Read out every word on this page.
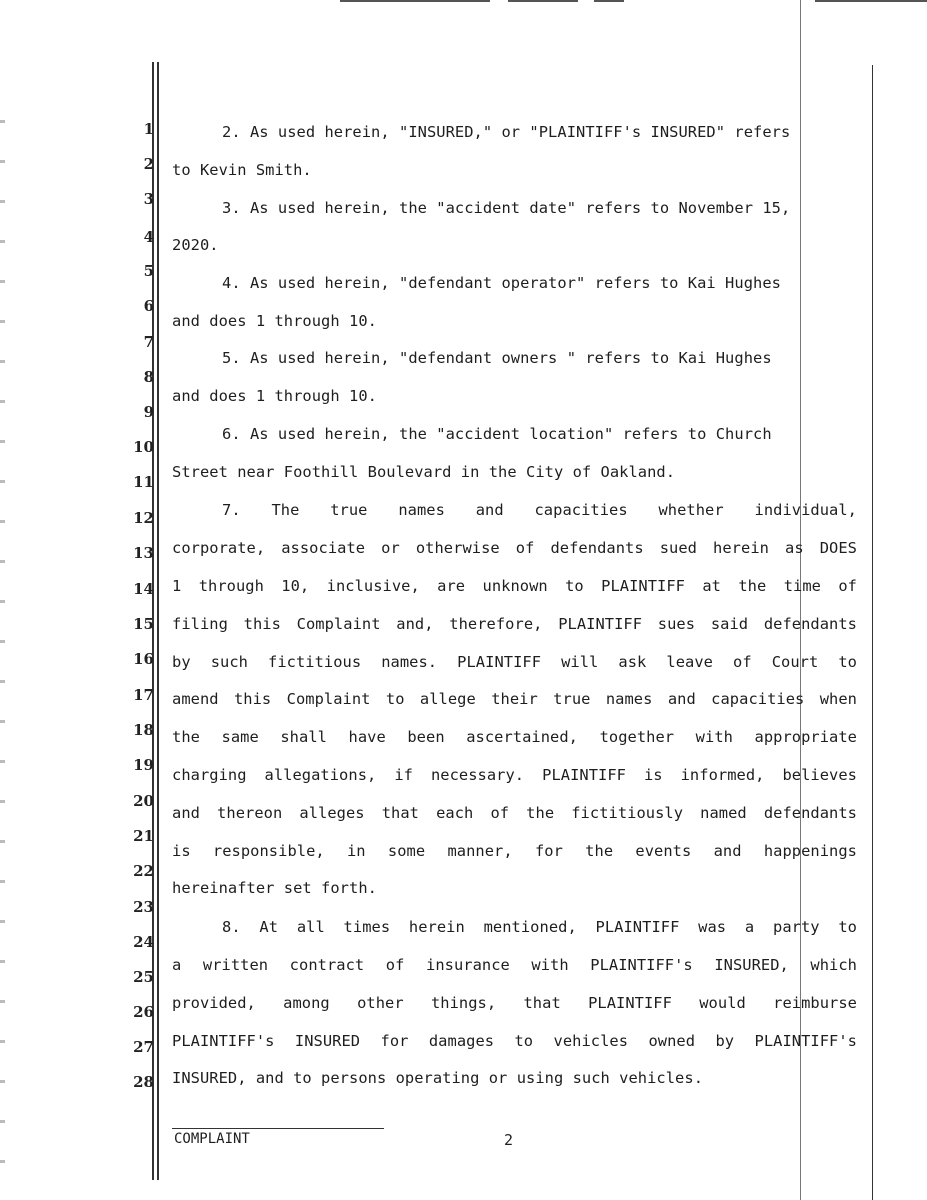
1
2
3
4
5
6
7
8
9
10
11
12
13
14
15
16
17
18
19
20
21
22
23
24
25
26
27
28
2. As used herein, "INSURED," or "PLAINTIFF's INSURED" refers
to Kevin Smith.
3. As used herein, the "accident date" refers to November 15,
2020.
4. As used herein, "defendant operator" refers to Kai Hughes
and does 1 through 10.
5. As used herein, "defendant owners " refers to Kai Hughes
and does 1 through 10.
6. As used herein, the "accident location" refers to Church
Street near Foothill Boulevard in the City of Oakland.
7. The true names and capacities whether individual,
corporate, associate or otherwise of defendants sued herein as DOES
1 through 10, inclusive, are unknown to PLAINTIFF at the time of
filing this Complaint and, therefore, PLAINTIFF sues said defendants
by such fictitious names. PLAINTIFF will ask leave of Court to
amend this Complaint to allege their true names and capacities when
the same shall have been ascertained, together with appropriate
charging allegations, if necessary. PLAINTIFF is informed, believes
and thereon alleges that each of the fictitiously named defendants
is responsible, in some manner, for the events and happenings
hereinafter set forth.
8. At all times herein mentioned, PLAINTIFF was a party to
a written contract of insurance with PLAINTIFF's INSURED, which
provided, among other things, that PLAINTIFF would reimburse
PLAINTIFF's INSURED for damages to vehicles owned by PLAINTIFF's
INSURED, and to persons operating or using such vehicles.
COMPLAINT	2
